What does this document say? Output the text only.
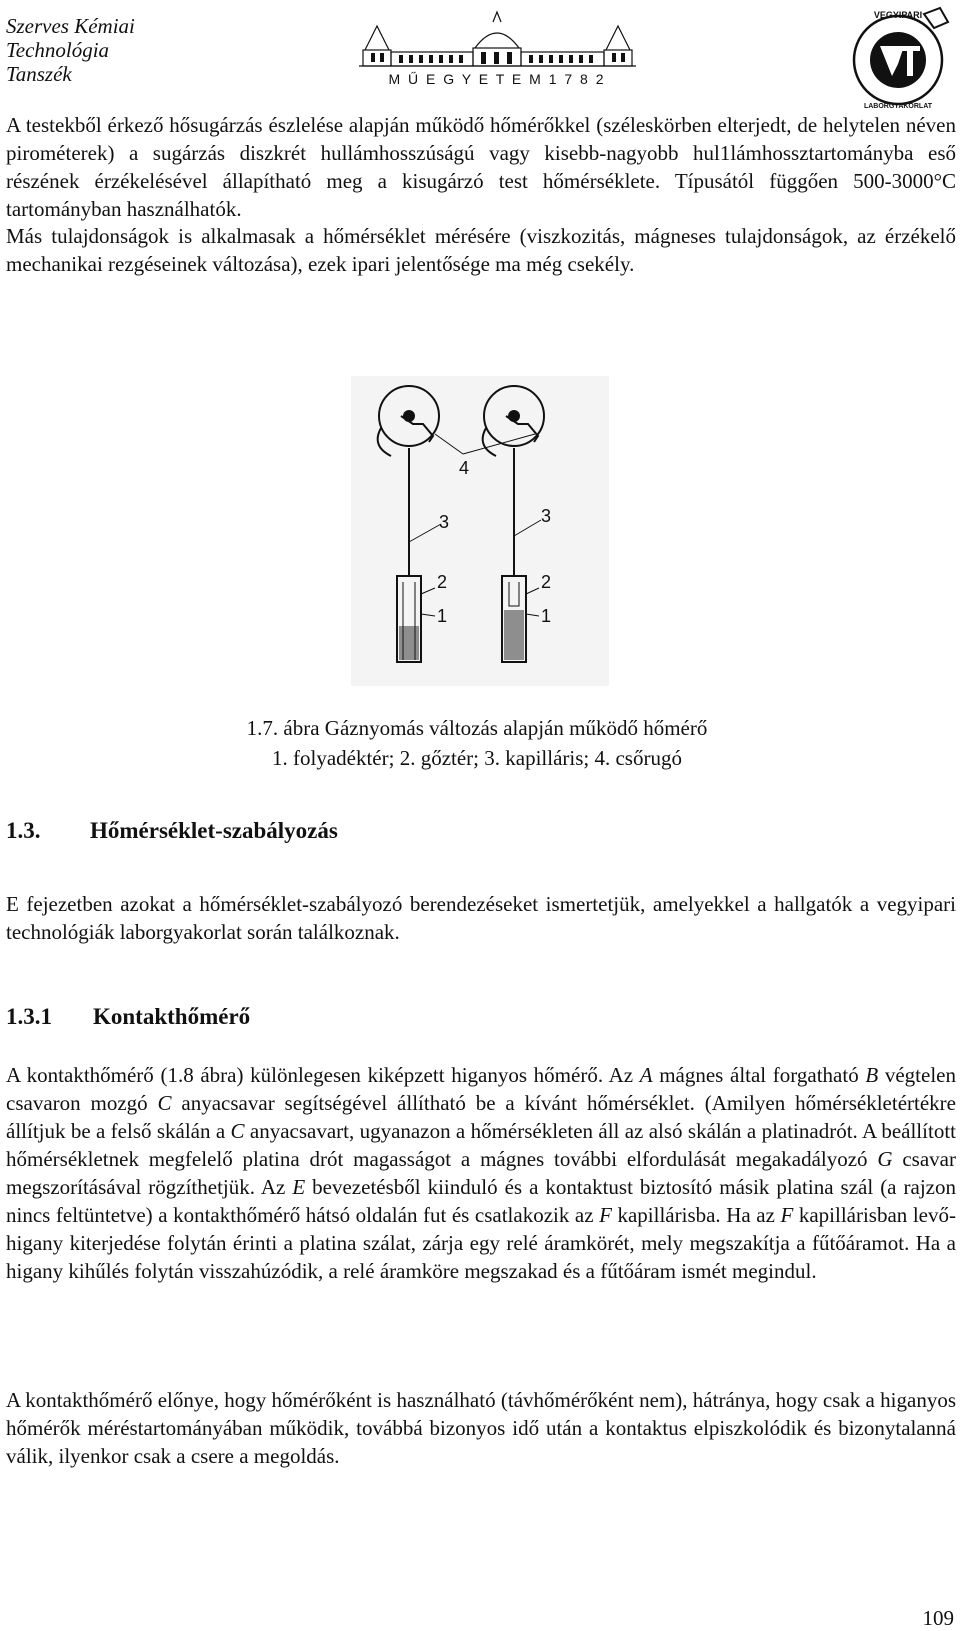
Szerves Kémiai
Technológia
Tanszék	M Ű E G Y E T E M 1 7 8 2
VEGYIPARI
LABORGYAKORLAT

A testekből érkező hősugárzás észlelése alapján működő hőmérőkkel (széleskörben elterjedt, de helytelen néven pirométerek) a sugárzás diszkrét hullámhosszúságú vagy kisebb-nagyobb hul1lámhossztartományba eső részének érzékelésével állapítható meg a kisugárzó test hőmérséklete. Típusától függően 500-3000°C tartományban használhatók.

Más tulajdonságok is alkalmasak a hőmérséklet mérésére (viszkozitás, mágneses tulajdonságok, az érzékelő mechanikai rezgéseinek változása), ezek ipari jelentősége ma még csekély.

4
3	3
2	2
1	1

1.7. ábra Gáznyomás változás alapján működő hőmérő

1. folyadéktér; 2. gőztér; 3. kapilláris; 4. csőrugó

1.3. Hőmérséklet-szabályozás

E fejezetben azokat a hőmérséklet-szabályozó berendezéseket ismertetjük, amelyekkel a hallgatók a vegyipari technológiák laborgyakorlat során találkoznak.

1.3.1 Kontakthőmérő

A kontakthőmérő (1.8 ábra) különlegesen kiképzett higanyos hőmérő. Az A mágnes által forgatható B végtelen csavaron mozgó C anyacsavar segítségével állítható be a kívánt hőmérséklet. (Amilyen hőmérsékletértékre állítjuk be a felső skálán a C anyacsavart, ugyanazon a hőmérsékleten áll az alsó skálán a platinadrót. A beállított hőmérsékletnek megfelelő platina drót magasságot a mágnes további elfordulását megakadályozó G csavar megszorításával rögzíthetjük. Az E bevezetésből kiinduló és a kontaktust biztosító másik platina szál (a rajzon nincs feltüntetve) a kontakthőmérő hátsó oldalán fut és csatlakozik az F kapillárisba. Ha az F kapillárisban levő-higany kiterjedése folytán érinti a platina szálat, zárja egy relé áramkörét, mely megszakítja a fűtőáramot. Ha a higany kihűlés folytán visszahúzódik, a relé áramköre megszakad és a fűtőáram ismét megindul.

A kontakthőmérő előnye, hogy hőmérőként is használható (távhőmérőként nem), hátránya, hogy csak a higanyos hőmérők méréstartományában működik, továbbá bizonyos idő után a kontaktus elpiszkolódik és bizonytalanná válik, ilyenkor csak a csere a megoldás.

109
